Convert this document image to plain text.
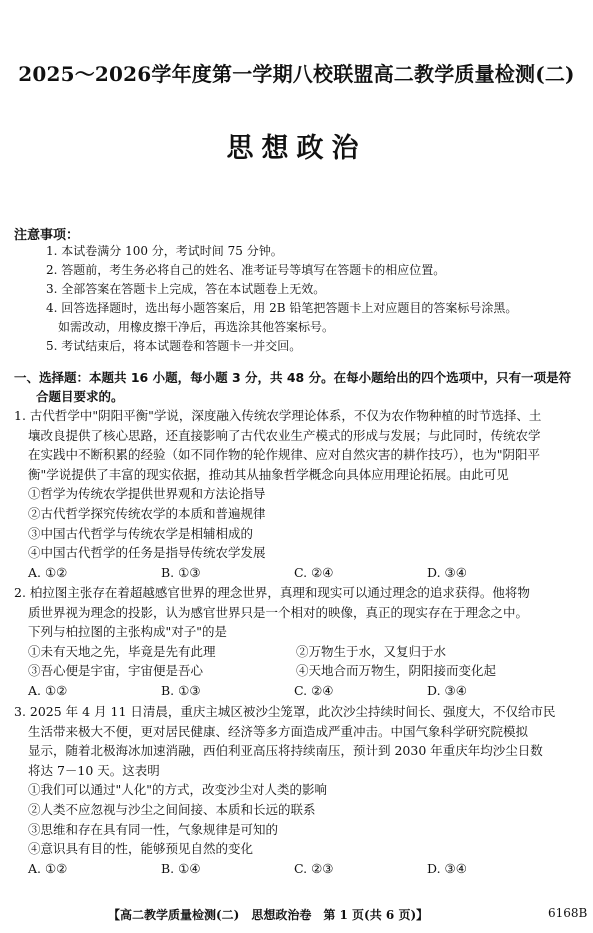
2025～2026学年度第一学期八校联盟高二教学质量检测(二)
思想政治
注意事项：
1. 本试卷满分 100 分，考试时间 75 分钟。
2. 答题前，考生务必将自己的姓名、准考证号等填写在答题卡的相应位置。
3. 全部答案在答题卡上完成，答在本试题卷上无效。
4. 回答选择题时，选出每小题答案后，用 2B 铅笔把答题卡上对应题目的答案标号涂黑。
如需改动，用橡皮擦干净后，再选涂其他答案标号。
5. 考试结束后，将本试题卷和答题卡一并交回。
一、选择题：本题共 16 小题，每小题 3 分，共 48 分。在每小题给出的四个选项中，只有一项是符
合题目要求的。
1. 古代哲学中"阴阳平衡"学说，深度融入传统农学理论体系，不仅为农作物种植的时节选择、土
壤改良提供了核心思路，还直接影响了古代农业生产模式的形成与发展；与此同时，传统农学
在实践中不断积累的经验（如不同作物的轮作规律、应对自然灾害的耕作技巧），也为"阴阳平
衡"学说提供了丰富的现实依据，推动其从抽象哲学概念向具体应用理论拓展。由此可见
①哲学为传统农学提供世界观和方法论指导
②古代哲学探究传统农学的本质和普遍规律
③中国古代哲学与传统农学是相辅相成的
④中国古代哲学的任务是指导传统农学发展
A. ①②	B. ①③	C. ②④	D. ③④
2. 柏拉图主张存在着超越感官世界的理念世界，真理和现实可以通过理念的追求获得。他将物
质世界视为理念的投影，认为感官世界只是一个相对的映像，真正的现实存在于理念之中。
下列与柏拉图的主张构成"对子"的是
①未有天地之先，毕竟是先有此理	②万物生于水，又复归于水
③吾心便是宇宙，宇宙便是吾心	④天地合而万物生，阴阳接而变化起
A. ①②	B. ①③	C. ②④	D. ③④
3. 2025 年 4 月 11 日清晨，重庆主城区被沙尘笼罩，此次沙尘持续时间长、强度大，不仅给市民
生活带来极大不便，更对居民健康、经济等多方面造成严重冲击。中国气象科学研究院模拟
显示，随着北极海冰加速消融，西伯利亚高压将持续南压，预计到 2030 年重庆年均沙尘日数
将达 7－10 天。这表明
①我们可以通过"人化"的方式，改变沙尘对人类的影响
②人类不应忽视与沙尘之间间接、本质和长远的联系
③思维和存在具有同一性，气象规律是可知的
④意识具有目的性，能够预见自然的变化
A. ①②	B. ①④	C. ②③	D. ③④
【高二教学质量检测(二)　思想政治卷　第 1 页(共 6 页)】	6168B
